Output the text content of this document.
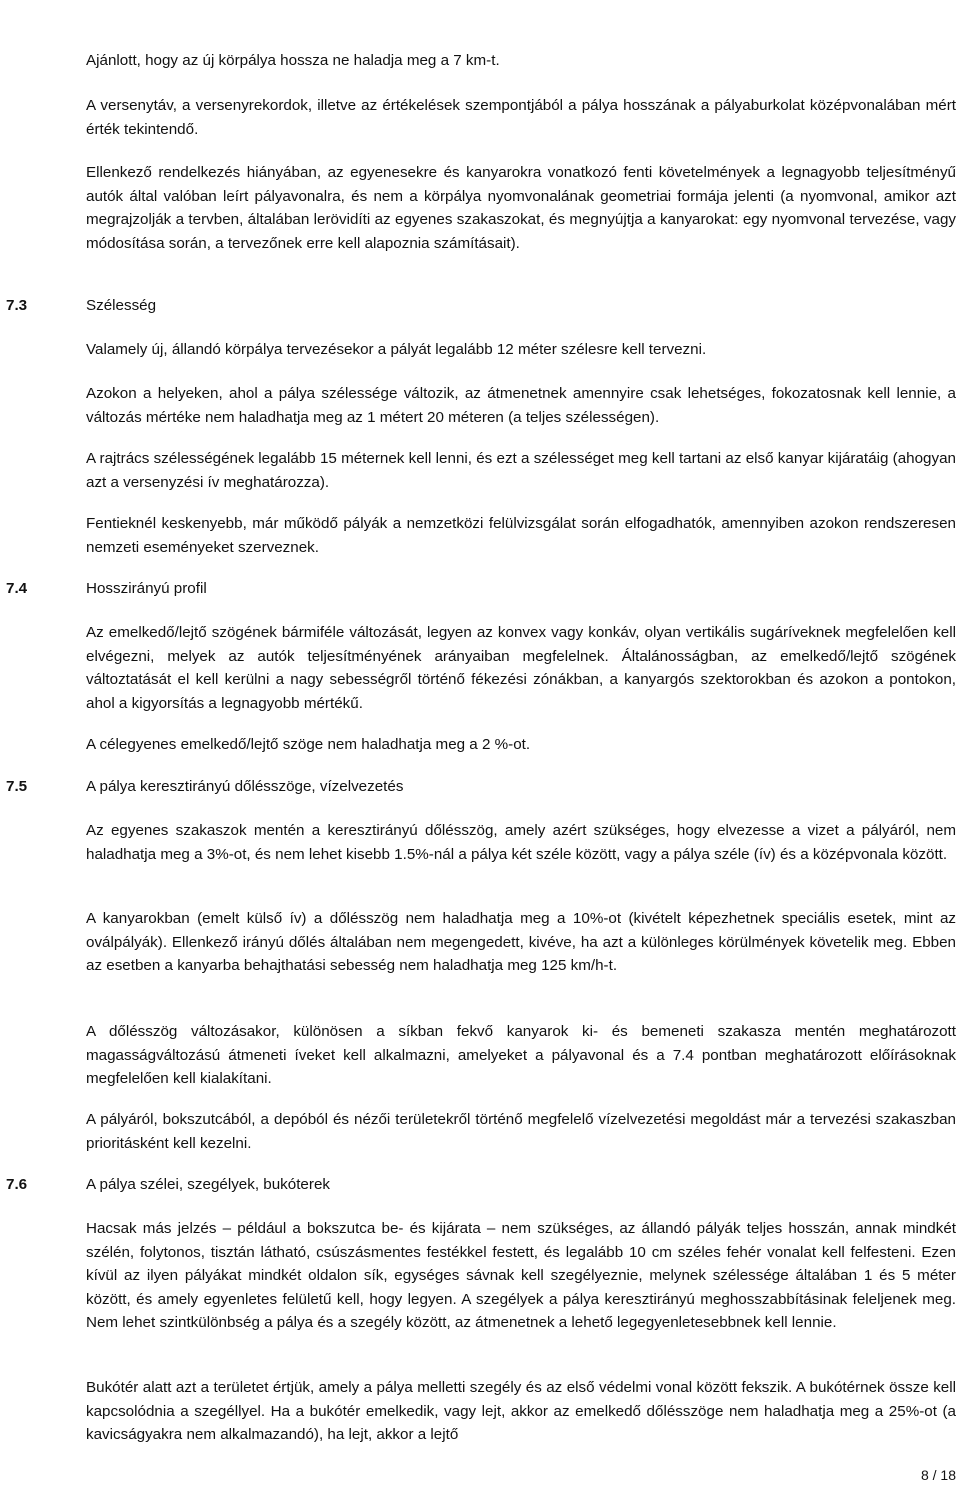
FIA Nemzetközi Sportkódex O Függelék

Ajánlott, hogy az új körpálya hossza ne haladja meg a 7 km-t.

A versenytáv, a versenyrekordok, illetve az értékelések szempontjából a pálya hosszának a pályaburkolat középvonalában mért érték tekintendő.

Ellenkező rendelkezés hiányában, az egyenesekre és kanyarokra vonatkozó fenti követelmények a legnagyobb teljesítményű autók által valóban leírt pályavonalra, és nem a körpálya nyomvonalának geometriai formája jelenti (a nyomvonal, amikor azt megrajzolják a tervben, általában lerövidíti az egyenes szakaszokat, és megnyújtja a kanyarokat: egy nyomvonal tervezése, vagy módosítása során, a tervezőnek erre kell alapoznia számításait).

7.3	Szélesség

Valamely új, állandó körpálya tervezésekor a pályát legalább 12 méter szélesre kell tervezni.

Azokon a helyeken, ahol a pálya szélessége változik, az átmenetnek amennyire csak lehetséges, fokozatosnak kell lennie, a változás mértéke nem haladhatja meg az 1 métert 20 méteren (a teljes szélességen).

A rajtrács szélességének legalább 15 méternek kell lenni, és ezt a szélességet meg kell tartani az első kanyar kijáratáig (ahogyan azt a versenyzési ív meghatározza).

Fentieknél keskenyebb, már működő pályák a nemzetközi felülvizsgálat során elfogadhatók, amennyiben azokon rendszeresen nemzeti eseményeket szerveznek.

7.4	Hosszirányú profil

Az emelkedő/lejtő szögének bármiféle változását, legyen az konvex vagy konkáv, olyan vertikális sugáríveknek megfelelően kell elvégezni, melyek az autók teljesítményének arányaiban megfelelnek. Általánosságban, az emelkedő/lejtő szögének változtatását el kell kerülni a nagy sebességről történő fékezési zónákban, a kanyargós szektorokban és azokon a pontokon, ahol a kigyorsítás a legnagyobb mértékű.

A célegyenes emelkedő/lejtő szöge nem haladhatja meg a 2 %-ot.

7.5	A pálya keresztirányú dőlésszöge, vízelvezetés

Az egyenes szakaszok mentén a keresztirányú dőlésszög, amely azért szükséges, hogy elvezesse a vizet a pályáról, nem haladhatja meg a 3%-ot, és nem lehet kisebb 1.5%-nál a pálya két széle között, vagy a pálya széle (ív) és a középvonala között.

A kanyarokban (emelt külső ív) a dőlésszög nem haladhatja meg a 10%-ot (kivételt képezhetnek speciális esetek, mint az oválpályák). Ellenkező irányú dőlés általában nem megengedett, kivéve, ha azt a különleges körülmények követelik meg. Ebben az esetben a kanyarba behajthatási sebesség nem haladhatja meg 125 km/h-t.

A dőlésszög változásakor, különösen a síkban fekvő kanyarok ki- és bemeneti szakasza mentén meghatározott magasságváltozású átmeneti íveket kell alkalmazni, amelyeket a pályavonal és a 7.4 pontban meghatározott előírásoknak megfelelően kell kialakítani.

A pályáról, bokszutcából, a depóból és nézői területekről történő megfelelő vízelvezetési megoldást már a tervezési szakaszban prioritásként kell kezelni.

7.6	A pálya szélei, szegélyek, bukóterek

Hacsak más jelzés – például a bokszutca be- és kijárata – nem szükséges, az állandó pályák teljes hosszán, annak mindkét szélén, folytonos, tisztán látható, csúszásmentes festékkel festett, és legalább 10 cm széles fehér vonalat kell felfesteni. Ezen kívül az ilyen pályákat mindkét oldalon sík, egységes sávnak kell szegélyeznie, melynek szélessége általában 1 és 5 méter között, és amely egyenletes felületű kell, hogy legyen. A szegélyek a pálya keresztirányú meghosszabbításinak feleljenek meg. Nem lehet szintkülönbség a pálya és a szegély között, az átmenetnek a lehető legegyenletesebbnek kell lennie.

Bukótér alatt azt a területet értjük, amely a pálya melletti szegély és az első védelmi vonal között fekszik. A bukótérnek össze kell kapcsolódnia a szegéllyel. Ha a bukótér emelkedik, vagy lejt, akkor az emelkedő dőlésszöge nem haladhatja meg a 25%-ot (a kavicságyakra nem alkalmazandó), ha lejt, akkor a lejtő

Kiadja: MNASZ Titkárság
8 / 18
